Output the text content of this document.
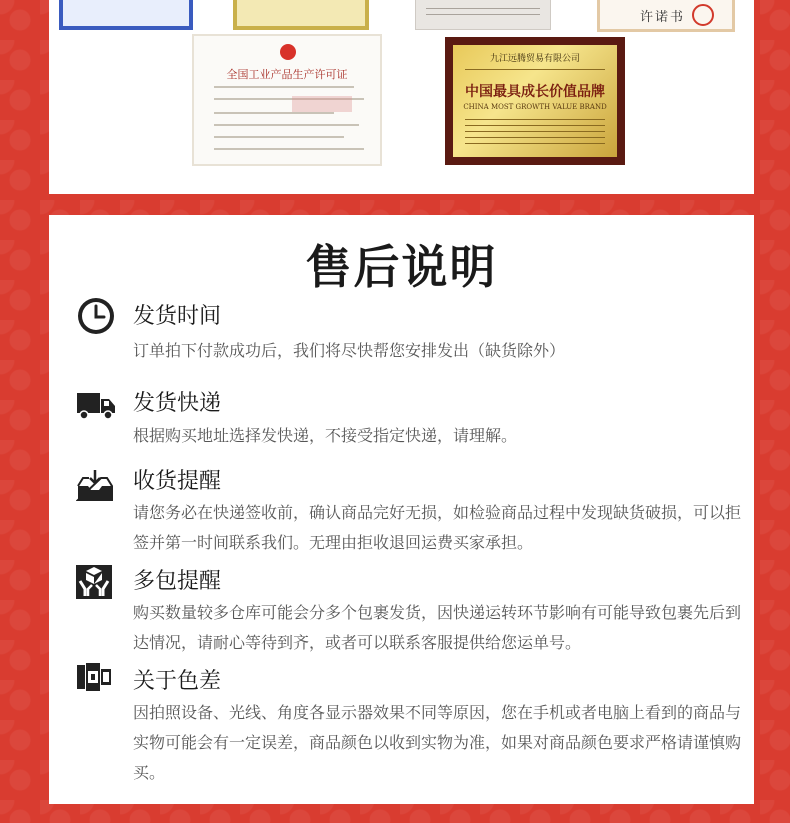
许诺书
全国工业产品生产许可证
九江远腾贸易有限公司
中国最具成长价值品牌
CHINA MOST GROWTH VALUE BRAND
售后说明
发货时间
订单拍下付款成功后，我们将尽快帮您安排发出（缺货除外）
发货快递
根据购买地址选择发快递，不接受指定快递，请理解。
收货提醒
请您务必在快递签收前，确认商品完好无损，如检验商品过程中发现缺货破损，可以拒签并第一时间联系我们。无理由拒收退回运费买家承担。
多包提醒
购买数量较多仓库可能会分多个包裹发货，因快递运转环节影响有可能导致包裹先后到达情况，请耐心等待到齐，或者可以联系客服提供给您运单号。
关于色差
因拍照设备、光线、角度各显示器效果不同等原因，您在手机或者电脑上看到的商品与实物可能会有一定误差，商品颜色以收到实物为准，如果对商品颜色要求严格请谨慎购买。
